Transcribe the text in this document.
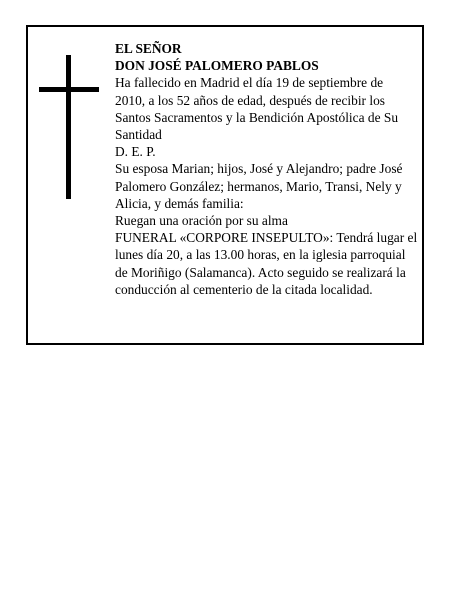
EL SEÑOR
DON JOSÉ PALOMERO PABLOS
Ha fallecido en Madrid el día 19 de septiembre de
2010, a los 52 años de edad, después de recibir los
Santos Sacramentos y la Bendición Apostólica de Su
Santidad
D. E. P.
Su esposa Marian; hijos, José y Alejandro; padre José
Palomero González; hermanos, Mario, Transi, Nely y
Alicia, y demás familia:
Ruegan una oración por su alma
FUNERAL «CORPORE INSEPULTO»: Tendrá lugar el
lunes día 20, a las 13.00 horas, en la iglesia parroquial
de Moriñigo (Salamanca). Acto seguido se realizará la
conducción al cementerio de la citada localidad.
